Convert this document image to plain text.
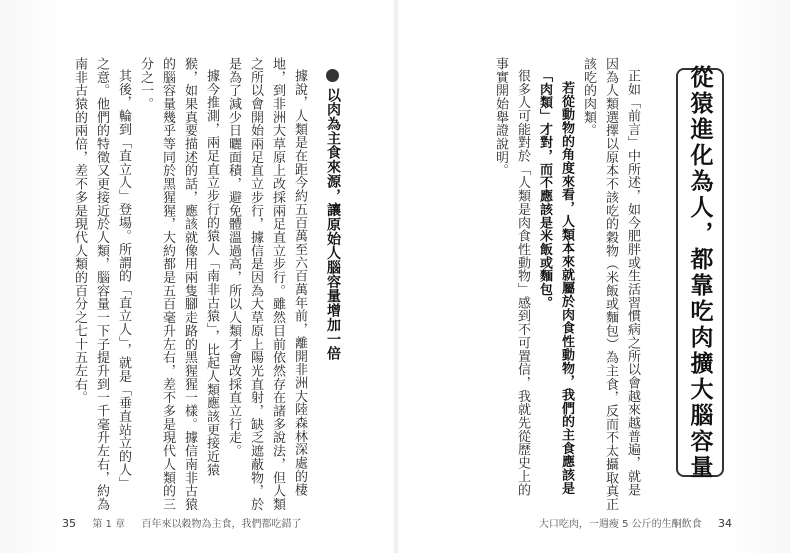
從猿進化為人，都靠吃肉擴大腦容量
正如「前言」中所述，如今肥胖或生活習慣病之所以會越來越普遍，就是
因為人類選擇以原本不該吃的穀物（米飯或麵包）為主食，反而不太攝取真正
該吃的肉類。
若從動物的角度來看，人類本來就屬於肉食性動物，我們的主食應該是
「肉類」才對，而不應該是米飯或麵包。
很多人可能對於「人類是肉食性動物」感到不可置信，我就先從歷史上的
事實開始舉證說明。
以肉為主食來源，讓原始人腦容量增加一倍
據說，人類是在距今約五百萬至六百萬年前，離開非洲大陸森林深處的棲
地，到非洲大草原上改採兩足直立步行。雖然目前依然存在諸多說法，但人類
之所以會開始兩足直立步行，據信是因為大草原上陽光直射，缺乏遮蔽物，於
是為了減少日曬面積，避免體溫過高，所以人類才會改採直立行走。
據今推測，兩足直立步行的猿人「南非古猿」，比起人類應該更接近猿
猴，如果真要描述的話，應該就像用兩隻腳走路的黑猩猩一樣。據信南非古猿
的腦容量幾乎等同於黑猩猩，大約都是五百毫升左右，差不多是現代人類的三
分之一。
其後，輪到「直立人」登場。所謂的「直立人」，就是「垂直站立的人」
之意。他們的特徵又更接近於人類，腦容量一下子提升到一千毫升左右，約為
南非古猿的兩倍，差不多是現代人類的百分之七十五左右。
35 第 1 章 百年來以穀物為主食，我們都吃錯了	大口吃肉，一週瘦 5 公斤的生酮飲食 34
